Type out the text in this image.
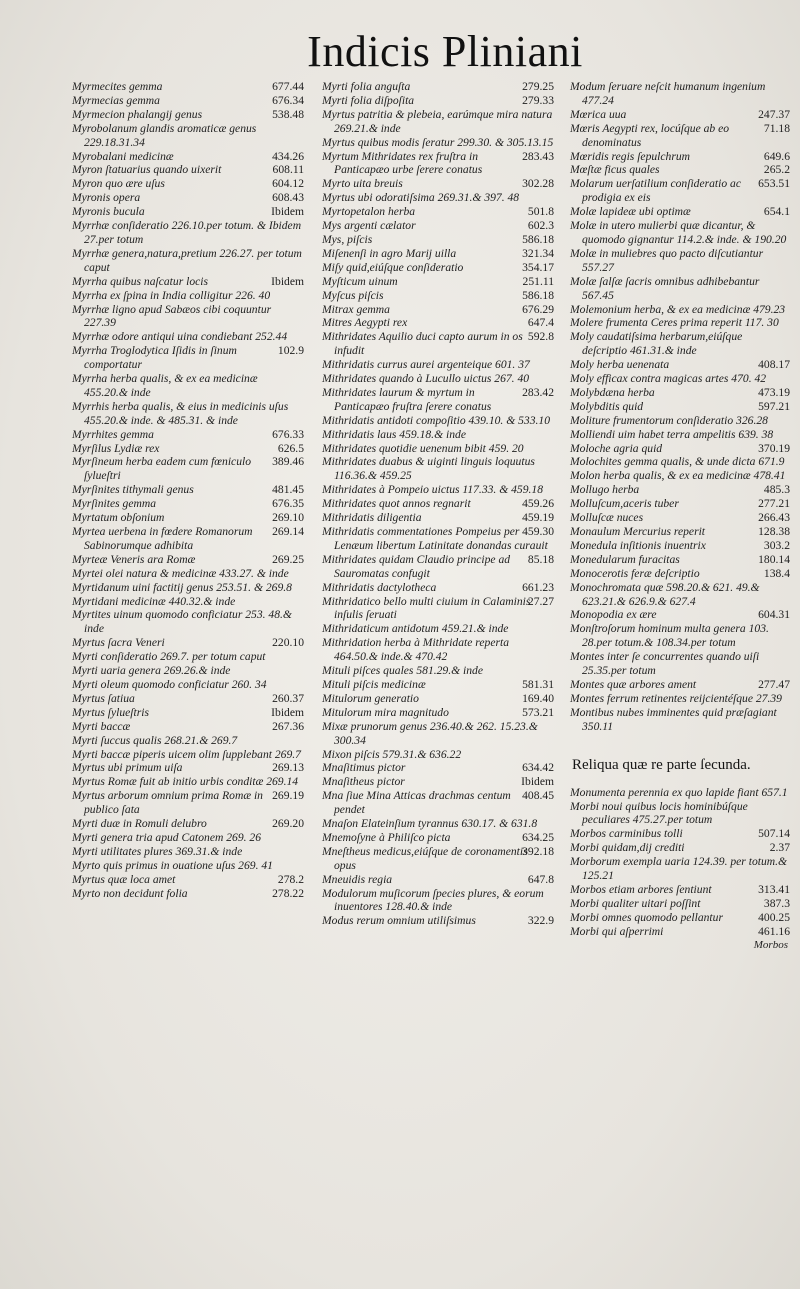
Indicis Pliniani

677.44
Myrmecites gemma

676.34
Myrmecias gemma

538.48
Myrmecion phalangij genus

Myrobolanum glandis aromaticæ genus 229.18.31.34

434.26
Myrobalani medicinæ

608.11
Myron ſtatuarius quando uixerit

604.12
Myron quo ære uſus

608.43
Myronis opera

Ibidem
Myronis bucula

Myrrhæ conſideratio 226.10.per totum. & Ibidem 27.per totum

Myrrhæ genera,natura,pretium 226.27. per totum caput

Ibidem
Myrrha quibus naſcatur locis

Myrrha ex ſpina in India colligitur 226. 40

Myrrhæ ligno apud Sabæos cibi coquuntur 227.39

Myrrhæ odore antiqui uina condiebant 252.44

102.9
Myrrha Troglodytica Iſidis in ſinum comportatur

Myrrha herba qualis, & ex ea medicinæ 455.20.& inde

Myrrhis herba qualis, & eius in medicinis uſus 455.20.& inde. & 485.31. & inde

676.33
Myrrhites gemma

626.5
Myrſilus Lydiæ rex

389.46
Myrſineum herba eadem cum fœniculo ſylueſtri

481.45
Myrſinites tithymali genus

676.35
Myrſinites gemma

269.10
Myrtatum obſonium

269.14
Myrtea uerbena in fœdere Romanorum Sabinorumque adhibita

269.25
Myrteæ Veneris ara Romæ

Myrtei olei natura & medicinæ 433.27. & inde

Myrtidanum uini factitij genus 253.51. & 269.8

Myrtidani medicinæ 440.32.& inde

Myrtites uinum quomodo conficiatur 253. 48.& inde

220.10
Myrtus ſacra Veneri

Myrti conſideratio 269.7. per totum caput

Myrti uaria genera 269.26.& inde

Myrti oleum quomodo conficiatur 260. 34

260.37
Myrtus ſatiua

Ibidem
Myrtus ſylueſtris

267.36
Myrti baccæ

Myrti ſuccus qualis 268.21.& 269.7

Myrti baccæ piperis uicem olim ſupplebant 269.7

269.13
Myrtus ubi primum uiſa

Myrtus Romæ fuit ab initio urbis conditæ 269.14

269.19
Myrtus arborum omnium prima Romæ in publico ſata

269.20
Myrti duæ in Romuli delubro

Myrti genera tria apud Catonem 269. 26

Myrti utilitates plures 369.31.& inde

Myrto quis primus in ouatione uſus 269. 41

278.2
Myrtus quæ loca amet

278.22
Myrto non decidunt folia

279.25
Myrti folia anguſta

279.33
Myrti folia diſpoſita

Myrtus patritia & plebeia, earúmque mira natura 269.21.& inde

Myrtus quibus modis ſeratur 299.30. & 305.13.15

283.43
Myrtum Mithridates rex fruſtra in Panticapæo urbe ſerere conatus

302.28
Myrto uita breuis

Myrtus ubi odoratiſsima 269.31.& 397. 48

501.8
Myrtopetalon herba

602.3
Mys argenti cælator

586.18
Mys, piſcis

321.34
Miſenenſi in agro Marij uilla

354.17
Miſy quid,eiúſque conſideratio

251.11
Myſticum uinum

586.18
Myſcus piſcis

676.29
Mitrax gemma

647.4
Mitres Aegypti rex

592.8
Mithridates Aquilio duci capto aurum in os infudit

Mithridatis currus aurei argenteique 601. 37

Mithridates quando à Lucullo uictus 267. 40

283.42
Mithridates laurum & myrtum in Panticapæo fruſtra ſerere conatus

Mithridatis antidoti compoſitio 439.10. & 533.10

Mithridatis laus 459.18.& inde

Mithridates quotidie uenenum bibit 459. 20

Mithridates duabus & uiginti linguis loquutus 116.36.& 459.25

Mithridates à Pompeio uictus 117.33. & 459.18

459.26
Mithridates quot annos regnarit

459.19
Mithridatis diligentia

459.30
Mithridatis commentationes Pompeius per Lenæum libertum Latinitate donandas curauit

85.18
Mithridates quidam Claudio principe ad Sauromatas confugit

661.23
Mithridatis dactylotheca

27.27
Mithridatico bello multi ciuium in Calaminis inſulis ſeruati

Mithridaticum antidotum 459.21.& inde

Mithridation herba à Mithridate reperta 464.50.& inde.& 470.42

Mituli piſces quales 581.29.& inde

581.31
Mituli piſcis medicinæ

169.40
Mitulorum generatio

573.21
Mitulorum mira magnitudo

Mixæ prunorum genus 236.40.& 262. 15.23.& 300.34

Mixon piſcis 579.31.& 636.22

634.42
Mnaſitimus pictor

Ibidem
Mnaſitheus pictor

408.45
Mna ſiue Mina Atticas drachmas centum pendet

Mnaſon Elateinſium tyrannus 630.17. & 631.8

634.25
Mnemoſyne à Philiſco picta

392.18
Mneſtheus medicus,eiúſque de coronamentis opus

647.8
Mneuidis regia

Modulorum muſicorum ſpecies plures, & eorum inuentores 128.40.& inde

322.9
Modus rerum omnium utiliſsimus

Modum ſeruare neſcit humanum ingenium 477.24

247.37
Mœrica uua

71.18
Mœris Aegypti rex, locúſque ab eo denominatus

649.6
Mœridis regis ſepulchrum

265.2
Mœſtæ ficus quales

653.51
Molarum uerſatilium conſideratio ac prodigia ex eis

654.1
Molæ lapideæ ubi optimæ

Molæ in utero mulierbi quæ dicantur, & quomodo gignantur 114.2.& inde. & 190.20

Molæ in muliebres quo pacto diſcutiantur 557.27

Molæ ſalſæ ſacris omnibus adhibebantur 567.45

Molemonium herba, & ex ea medicinæ 479.23

Molere frumenta Ceres prima reperit 117. 30

Moly caudatiſsima herbarum,eiúſque deſcriptio 461.31.& inde

408.17
Moly herba uenenata

Moly efficax contra magicas artes 470. 42

473.19
Molybdæna herba

597.21
Molybditis quid

Moliture frumentorum conſideratio 326.28

Molliendi uim habet terra ampelitis 639. 38

370.19
Moloche agria quid

Molochites gemma qualis, & unde dicta 671.9

Molon herba qualis, & ex ea medicinæ 478.41

485.3
Mollugo herba

277.21
Molluſcum,aceris tuber

266.43
Molluſcæ nuces

128.38
Monaulum Mercurius reperit

303.2
Monedula inſitionis inuentrix

180.14
Monedularum furacitas

138.4
Monocerotis feræ deſcriptio

Monochromata quæ 598.20.& 621. 49.& 623.21.& 626.9.& 627.4

604.31
Monopodia ex ære

Monſtroſorum hominum multa genera 103. 28.per totum.& 108.34.per totum

Montes inter ſe concurrentes quando uiſi 25.35.per totum

277.47
Montes quæ arbores ament

Montes ferrum retinentes reijcientéſque 27.39

Montibus nubes imminentes quid præſagiant 350.11

Reliqua quæ re parte ſecunda.

Monumenta perennia ex quo lapide fiant 657.1

Morbi noui quibus locis hominibúſque peculiares 475.27.per totum

507.14
Morbos carminibus tolli

2.37
Morbi quidam,dij crediti

Morborum exempla uaria 124.39. per totum.& 125.21

313.41
Morbos etiam arbores ſentiunt

387.3
Morbi qualiter uitari poſſint

400.25
Morbi omnes quomodo pellantur

461.16
Morbi qui aſperrimi

Morbos
